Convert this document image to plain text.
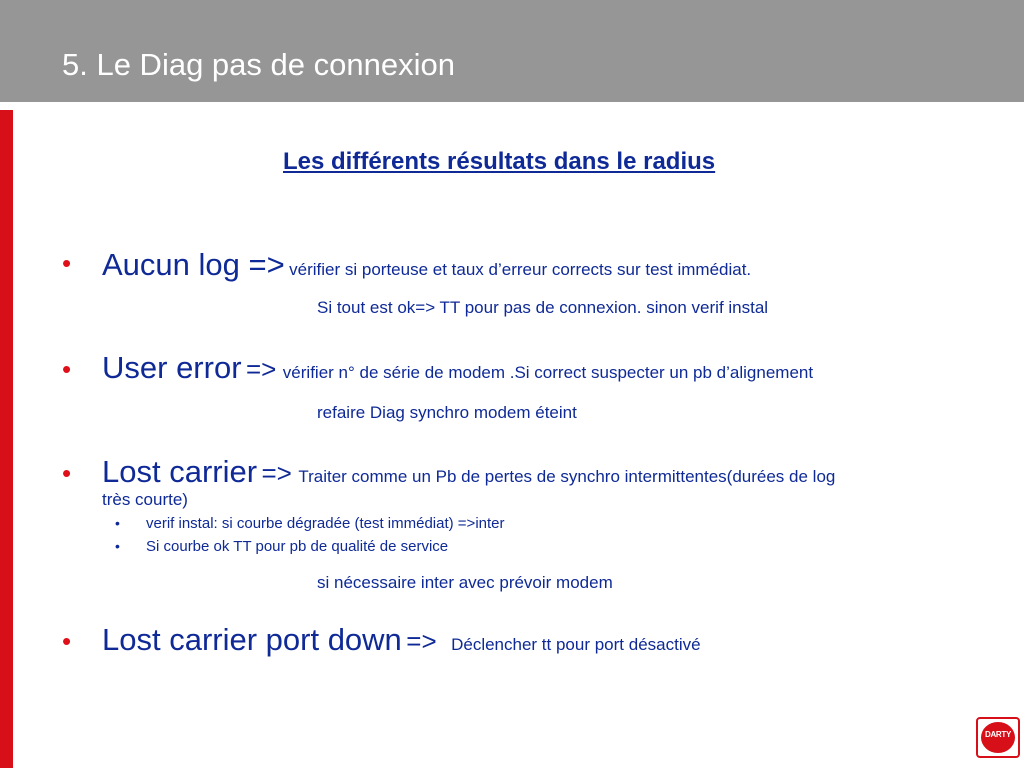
5. Le Diag pas de connexion
Les différents résultats dans le radius
• Aucun log => vérifier si porteuse et taux d’erreur corrects sur test immédiat.
Si tout est ok=> TT pour pas de connexion. sinon verif instal
• User error => vérifier n° de série de modem .Si correct suspecter un pb d’alignement
refaire Diag synchro modem éteint
• Lost carrier => Traiter comme un Pb de pertes de synchro intermittentes(durées de log
très courte)
• verif instal: si courbe dégradée (test immédiat) =>inter
• Si courbe ok TT pour pb de qualité de service
si nécessaire inter avec prévoir modem
• Lost carrier port down => Déclencher tt pour port désactivé
DARTY
